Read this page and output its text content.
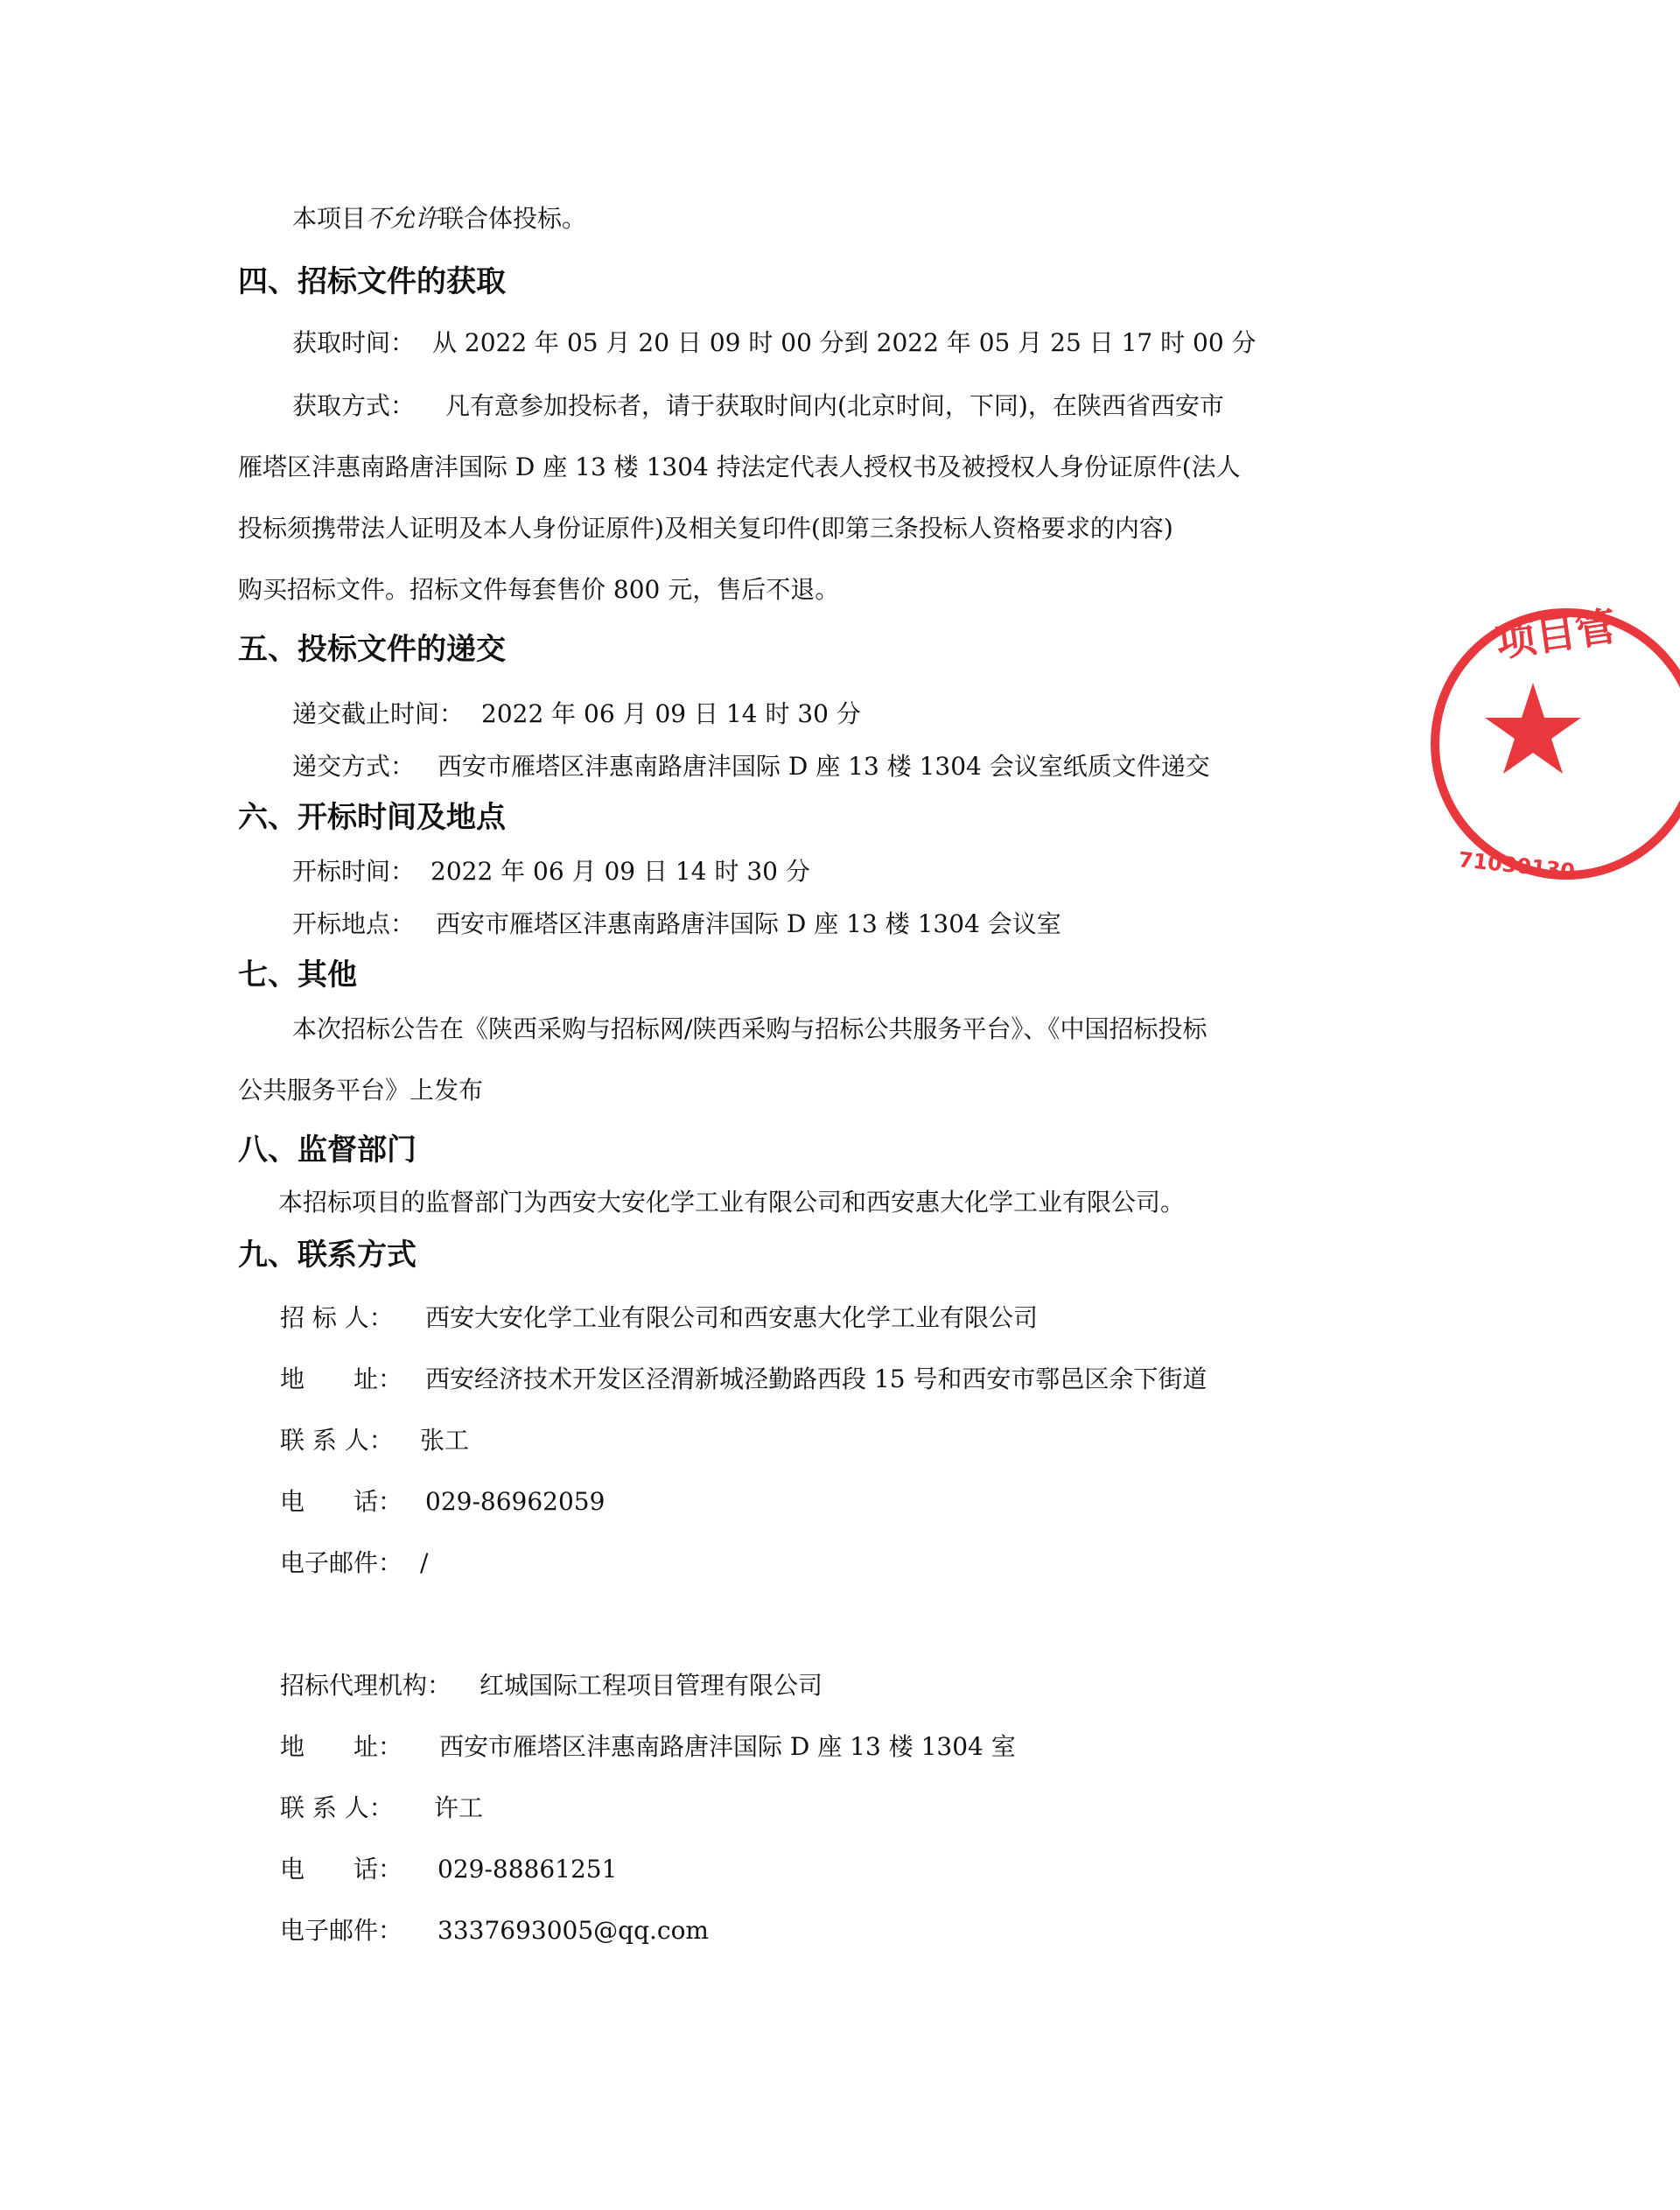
本项目不允许联合体投标。
四、招标文件的获取
获取时间： 从 2022 年 05 月 20 日 09 时 00 分到 2022 年 05 月 25 日 17 时 00 分
获取方式： 凡有意参加投标者，请于获取时间内(北京时间，下同)，在陕西省西安市
雁塔区沣惠南路唐沣国际 D 座 13 楼 1304 持法定代表人授权书及被授权人身份证原件(法人
投标须携带法人证明及本人身份证原件)及相关复印件(即第三条投标人资格要求的内容)
购买招标文件。招标文件每套售价 800 元，售后不退。
五、投标文件的递交
递交截止时间： 2022 年 06 月 09 日 14 时 30 分
递交方式： 西安市雁塔区沣惠南路唐沣国际 D 座 13 楼 1304 会议室纸质文件递交
六、开标时间及地点
开标时间： 2022 年 06 月 09 日 14 时 30 分
开标地点： 西安市雁塔区沣惠南路唐沣国际 D 座 13 楼 1304 会议室
七、其他
本次招标公告在《陕西采购与招标网/陕西采购与招标公共服务平台》、《中国招标投标
公共服务平台》上发布
八、监督部门
本招标项目的监督部门为西安大安化学工业有限公司和西安惠大化学工业有限公司。
九、联系方式
招 标 人： 西安大安化学工业有限公司和西安惠大化学工业有限公司
地　　址： 西安经济技术开发区泾渭新城泾勤路西段 15 号和西安市鄠邑区余下街道
联 系 人： 张工
电　　话： 029-86962059
电子邮件： /
招标代理机构： 红城国际工程项目管理有限公司
地　　址： 西安市雁塔区沣惠南路唐沣国际 D 座 13 楼 1304 室
联 系 人： 许工
电　　话： 029-88861251
电子邮件： 3337693005@qq.com
项目管
71030130
